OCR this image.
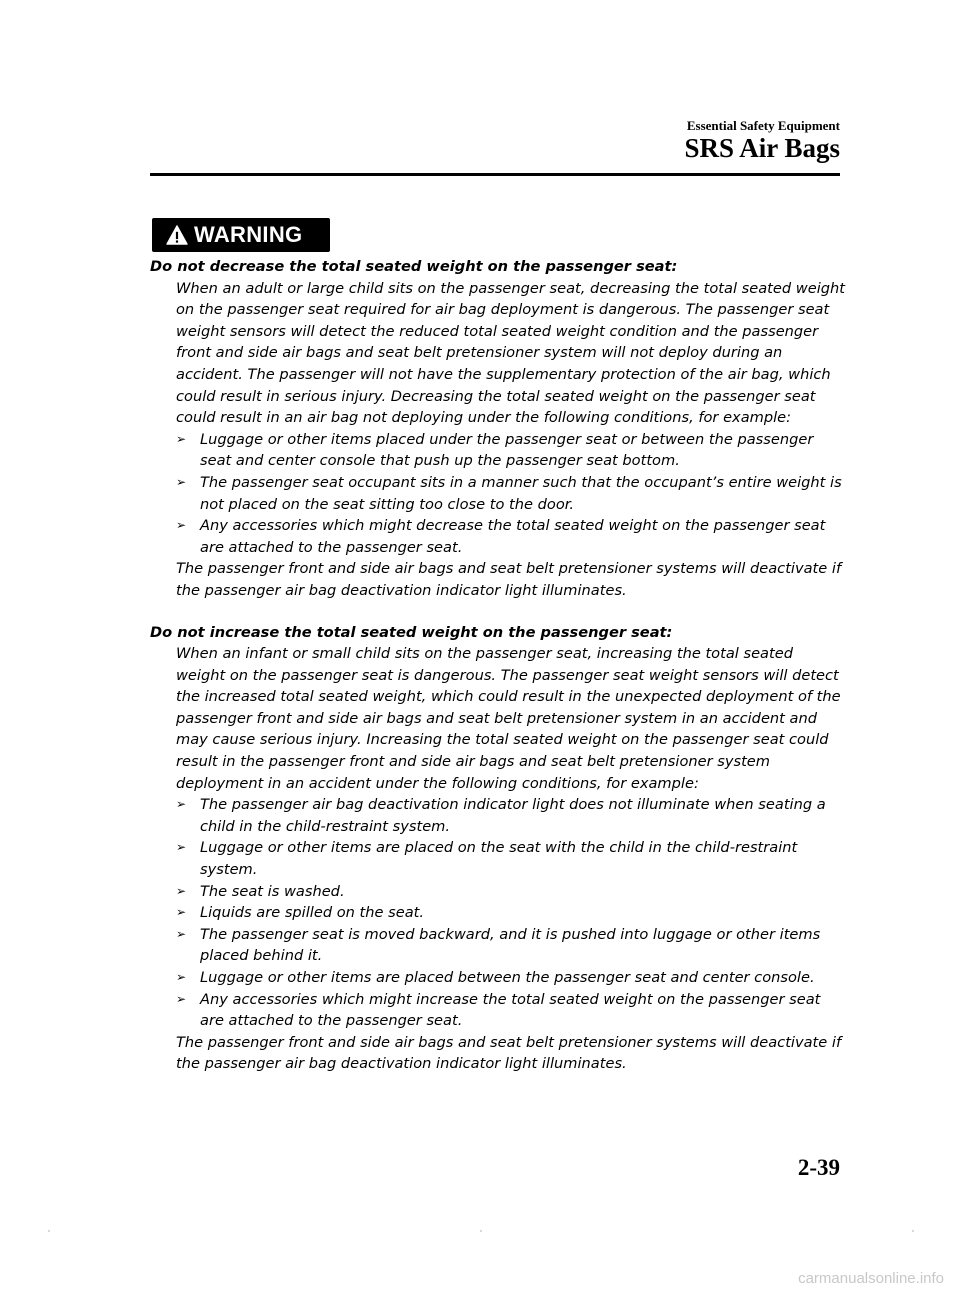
Essential Safety Equipment
SRS Air Bags
WARNING

Do not decrease the total seated weight on the passenger seat:

When an adult or large child sits on the passenger seat, decreasing the total seated weight on the passenger seat required for air bag deployment is dangerous. The passenger seat weight sensors will detect the reduced total seated weight condition and the passenger front and side air bags and seat belt pretensioner system will not deploy during an accident. The passenger will not have the supplementary protection of the air bag, which could result in serious injury. Decreasing the total seated weight on the passenger seat could result in an air bag not deploying under the following conditions, for example:

➢ Luggage or other items placed under the passenger seat or between the passenger seat and center console that push up the passenger seat bottom.
➢ The passenger seat occupant sits in a manner such that the occupant’s entire weight is not placed on the seat sitting too close to the door.
➢ Any accessories which might decrease the total seated weight on the passenger seat are attached to the passenger seat.

The passenger front and side air bags and seat belt pretensioner systems will deactivate if the passenger air bag deactivation indicator light illuminates.

Do not increase the total seated weight on the passenger seat:

When an infant or small child sits on the passenger seat, increasing the total seated weight on the passenger seat is dangerous. The passenger seat weight sensors will detect the increased total seated weight, which could result in the unexpected deployment of the passenger front and side air bags and seat belt pretensioner system in an accident and may cause serious injury. Increasing the total seated weight on the passenger seat could result in the passenger front and side air bags and seat belt pretensioner system deployment in an accident under the following conditions, for example:

➢ The passenger air bag deactivation indicator light does not illuminate when seating a child in the child-restraint system.
➢ Luggage or other items are placed on the seat with the child in the child-restraint system.
➢ The seat is washed.
➢ Liquids are spilled on the seat.
➢ The passenger seat is moved backward, and it is pushed into luggage or other items placed behind it.
➢ Luggage or other items are placed between the passenger seat and center console.
➢ Any accessories which might increase the total seated weight on the passenger seat are attached to the passenger seat.

The passenger front and side air bags and seat belt pretensioner systems will deactivate if the passenger air bag deactivation indicator light illuminates.

2-39
carmanualsonline.info
